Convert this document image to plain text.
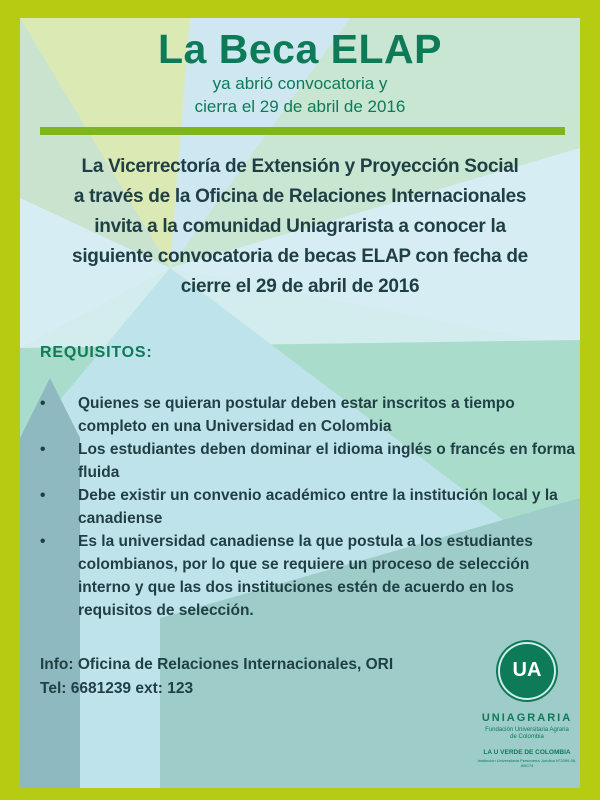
La Beca ELAP
ya abrió convocatoria y
cierra el 29 de abril de 2016
La Vicerrectoría de Extensión y Proyección Social
a través de la Oficina de Relaciones Internacionales
invita a la comunidad Uniagrarista a conocer la
siguiente convocatoria de becas ELAP con fecha de
cierre el 29 de abril de 2016
REQUISITOS:
• Quienes se quieran postular deben estar inscritos a tiempo completo en una Universidad en Colombia
• Los estudiantes deben dominar el idioma inglés o francés en forma fluida
• Debe existir un convenio académico entre la institución local y la canadiense
• Es la universidad canadiense la que postula a los estudiantes colombianos, por lo que se requiere un proceso de selección interno y que las dos instituciones estén de acuerdo en los requisitos de selección.
Info: Oficina de Relaciones Internacionales, ORI
Tel: 6681239 ext: 123
UA
UNIAGRARIA
Fundación Universitaria Agraria
de Colombia
LA U VERDE DE COLOMBIA
Institución Universitaria Personería Jurídica N°2099-06-ABC74
